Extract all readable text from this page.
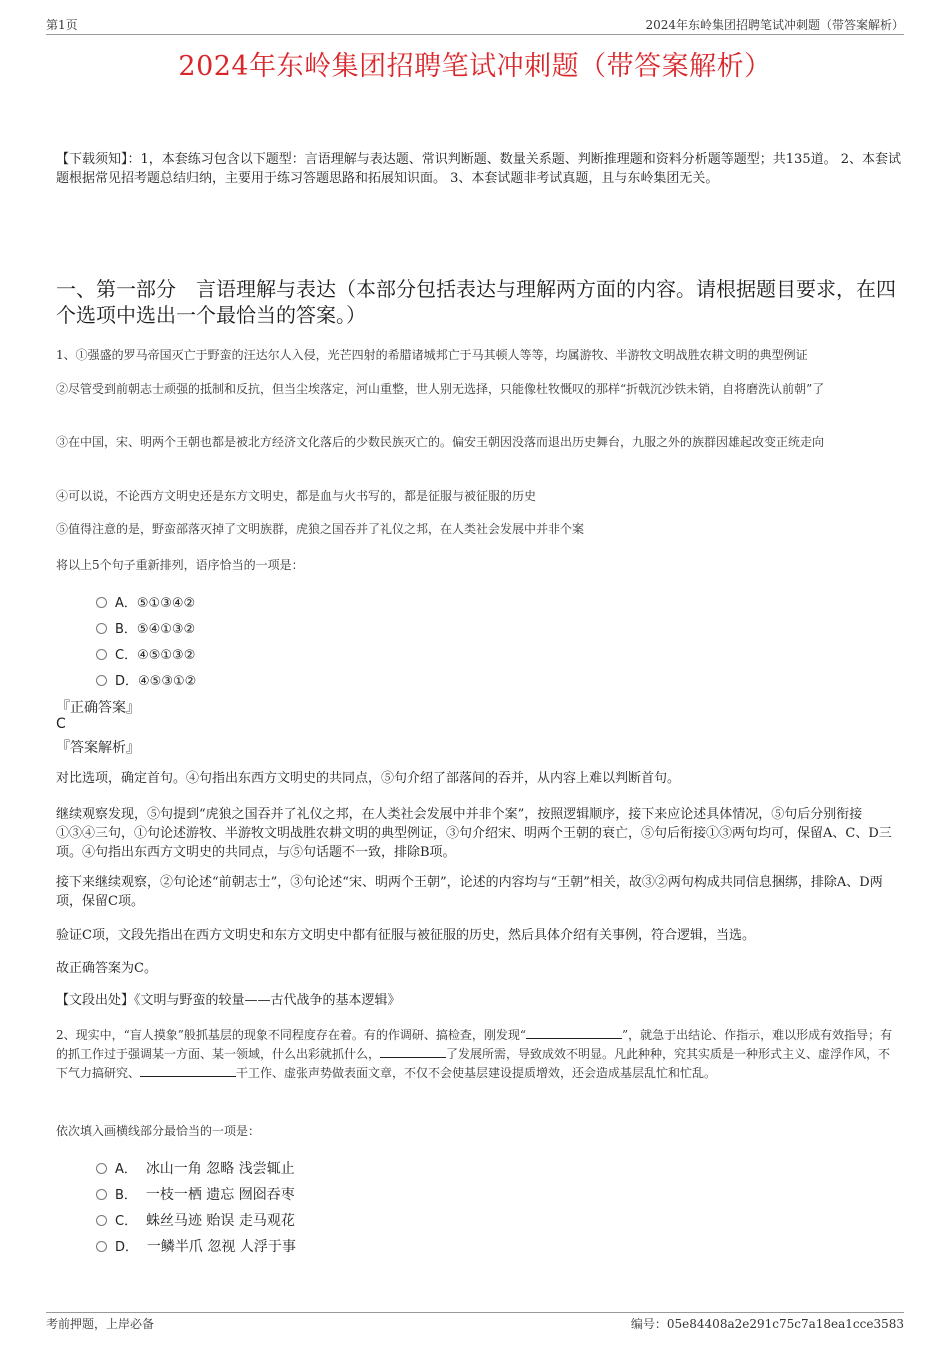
第1页	2024年东岭集团招聘笔试冲刺题（带答案解析）
2024年东岭集团招聘笔试冲刺题（带答案解析）
【下载须知】：1，本套练习包含以下题型：言语理解与表达题、常识判断题、数量关系题、判断推理题和资料分析题等题型；共135道。 2、本套试题根据常见招考题总结归纳，主要用于练习答题思路和拓展知识面。 3、本套试题非考试真题，且与东岭集团无关。
一、第一部分　言语理解与表达（本部分包括表达与理解两方面的内容。请根据题目要求，在四个选项中选出一个最恰当的答案。）
1、①强盛的罗马帝国灭亡于野蛮的汪达尔人入侵，光芒四射的希腊诸城邦亡于马其顿人等等，均属游牧、半游牧文明战胜农耕文明的典型例证
②尽管受到前朝志士顽强的抵制和反抗，但当尘埃落定，河山重整，世人别无选择，只能像杜牧慨叹的那样“折戟沉沙铁未销，自将磨洗认前朝”了
③在中国，宋、明两个王朝也都是被北方经济文化落后的少数民族灭亡的。偏安王朝因没落而退出历史舞台，九服之外的族群因雄起改变正统走向
④可以说，不论西方文明史还是东方文明史，都是血与火书写的，都是征服与被征服的历史
⑤值得注意的是，野蛮部落灭掉了文明族群，虎狼之国吞并了礼仪之邦，在人类社会发展中并非个案
将以上5个句子重新排列，语序恰当的一项是：
A．⑤①③④②
B．⑤④①③②
C．④⑤①③②
D．④⑤③①②
『正确答案』
C
『答案解析』
对比选项，确定首句。④句指出东西方文明史的共同点，⑤句介绍了部落间的吞并，从内容上难以判断首句。
继续观察发现，⑤句提到“虎狼之国吞并了礼仪之邦，在人类社会发展中并非个案”，按照逻辑顺序，接下来应论述具体情况，⑤句后分别衔接①③④三句，①句论述游牧、半游牧文明战胜农耕文明的典型例证，③句介绍宋、明两个王朝的衰亡，⑤句后衔接①③两句均可，保留A、C、D三项。④句指出东西方文明史的共同点，与⑤句话题不一致，排除B项。
接下来继续观察，②句论述“前朝志士”，③句论述“宋、明两个王朝”，论述的内容均与“王朝”相关，故③②两句构成共同信息捆绑，排除A、D两项，保留C项。
验证C项，文段先指出在西方文明史和东方文明史中都有征服与被征服的历史，然后具体介绍有关事例，符合逻辑，当选。
故正确答案为C。
【文段出处】《文明与野蛮的较量——古代战争的基本逻辑》
2、现实中，“盲人摸象”般抓基层的现象不同程度存在着。有的作调研、搞检查，刚发现“	”，就急于出结论、作指示，难以形成有效指导；有的抓工作过于强调某一方面、某一领域，什么出彩就抓什么，	了发展所需，导致成效不明显。凡此种种，究其实质是一种形式主义、虚浮作风，不下气力搞研究、	干工作、虚张声势做表面文章，不仅不会使基层建设提质增效，还会造成基层乱忙和忙乱。
依次填入画横线部分最恰当的一项是：
A． 冰山一角 忽略 浅尝辄止
B． 一枝一栖 遗忘 囫囵吞枣
C． 蛛丝马迹 贻误 走马观花
D． 一鳞半爪 忽视 人浮于事
考前押题，上岸必备	编号：05e84408a2e291c75c7a18ea1cce3583
